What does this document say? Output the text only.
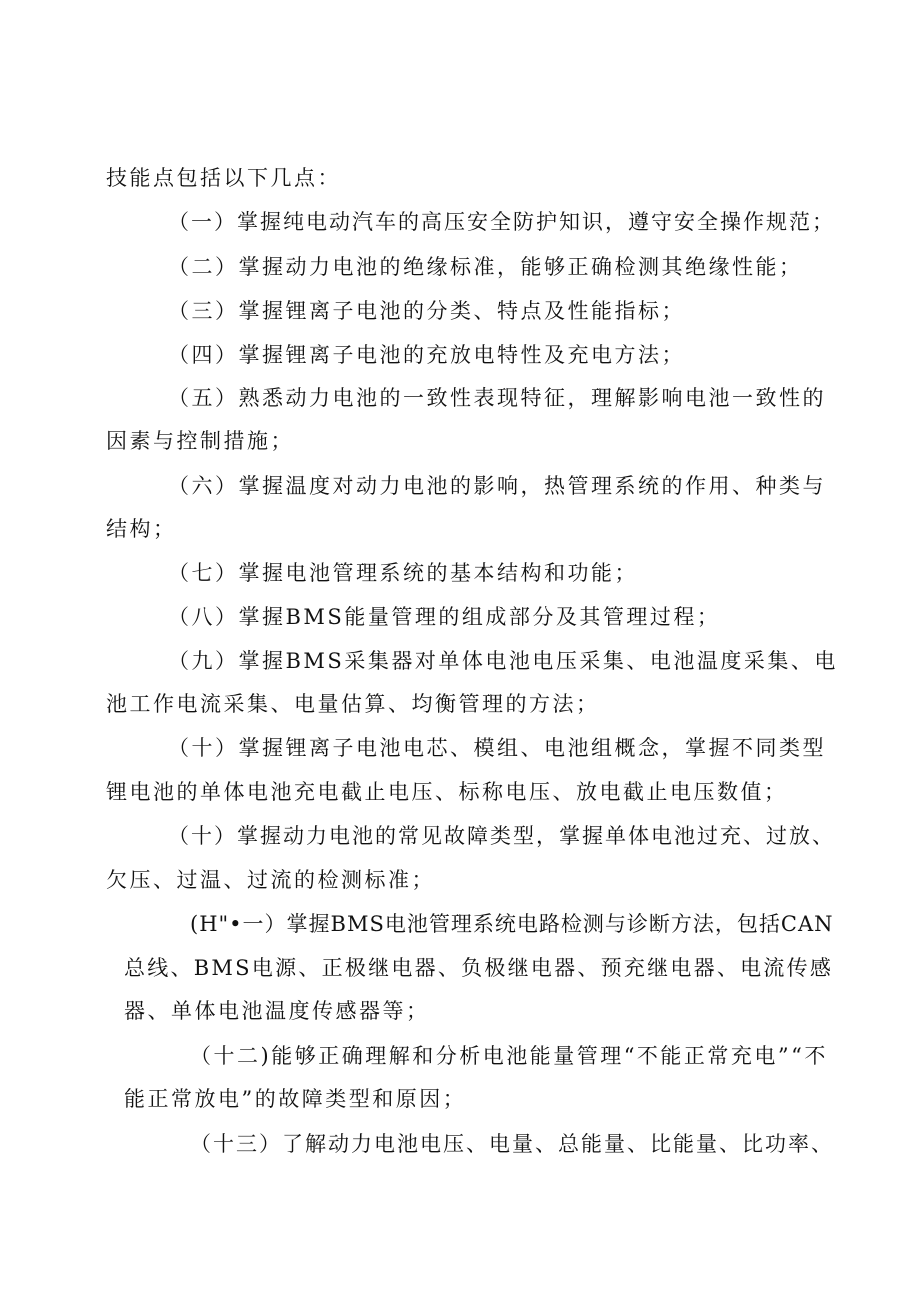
技能点包括以下几点：
（一）掌握纯电动汽车的高压安全防护知识，遵守安全操作规范；
（二）掌握动力电池的绝缘标准，能够正确检测其绝缘性能；
（三）掌握锂离子电池的分类、特点及性能指标；
（四）掌握锂离子电池的充放电特性及充电方法；
（五）熟悉动力电池的一致性表现特征，理解影响电池一致性的
因素与控制措施；
（六）掌握温度对动力电池的影响，热管理系统的作用、种类与
结构；
（七）掌握电池管理系统的基本结构和功能；
（八）掌握BMS能量管理的组成部分及其管理过程；
（九）掌握BMS采集器对单体电池电压采集、电池温度采集、电
池工作电流采集、电量估算、均衡管理的方法；
（十）掌握锂离子电池电芯、模组、电池组概念，掌握不同类型
锂电池的单体电池充电截止电压、标称电压、放电截止电压数值；
（十）掌握动力电池的常见故障类型，掌握单体电池过充、过放、
欠压、过温、过流的检测标准；
(H"•一）掌握BMS电池管理系统电路检测与诊断方法，包括CAN
总线、BMS电源、正极继电器、负极继电器、预充继电器、电流传感
器、单体电池温度传感器等；
（十二)能够正确理解和分析电池能量管理“不能正常充电”“不
能正常放电”的故障类型和原因；
（十三）了解动力电池电压、电量、总能量、比能量、比功率、
